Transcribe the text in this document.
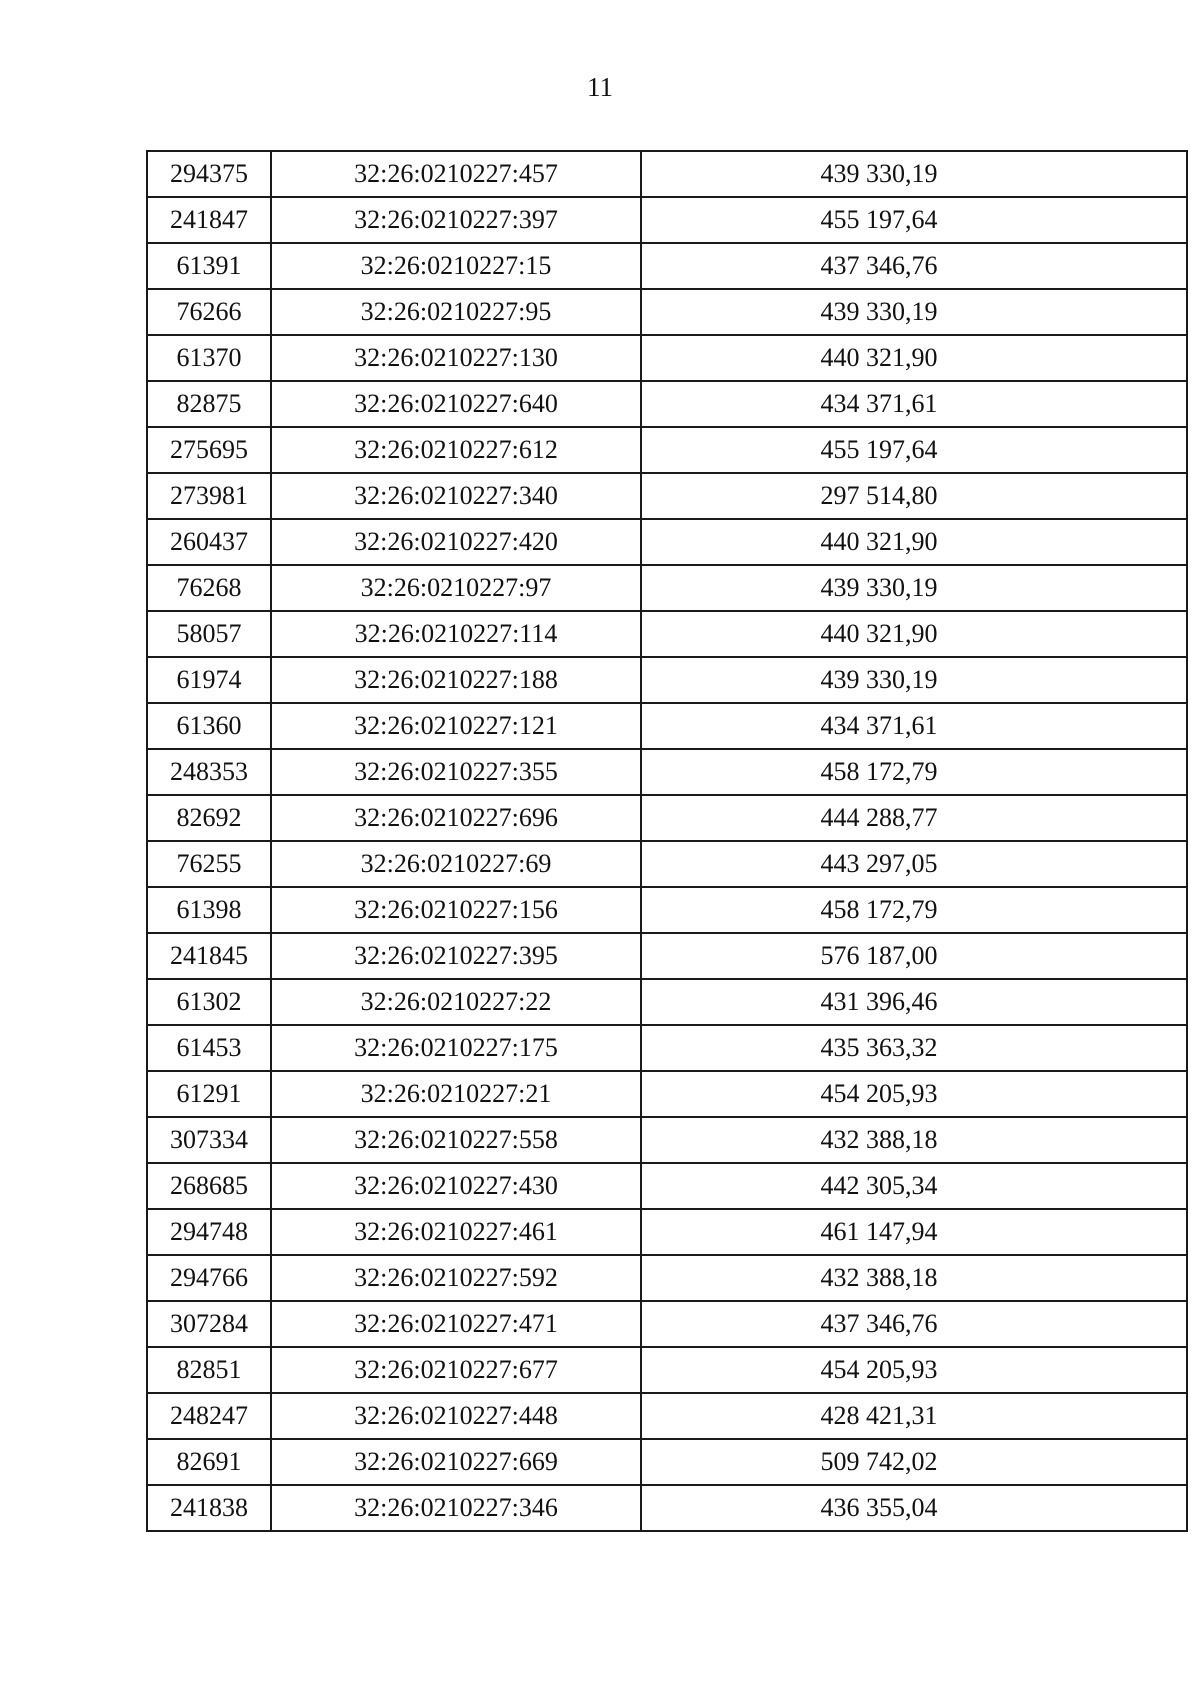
11
294375	32:26:0210227:457	439 330,19
241847	32:26:0210227:397	455 197,64
61391	32:26:0210227:15	437 346,76
76266	32:26:0210227:95	439 330,19
61370	32:26:0210227:130	440 321,90
82875	32:26:0210227:640	434 371,61
275695	32:26:0210227:612	455 197,64
273981	32:26:0210227:340	297 514,80
260437	32:26:0210227:420	440 321,90
76268	32:26:0210227:97	439 330,19
58057	32:26:0210227:114	440 321,90
61974	32:26:0210227:188	439 330,19
61360	32:26:0210227:121	434 371,61
248353	32:26:0210227:355	458 172,79
82692	32:26:0210227:696	444 288,77
76255	32:26:0210227:69	443 297,05
61398	32:26:0210227:156	458 172,79
241845	32:26:0210227:395	576 187,00
61302	32:26:0210227:22	431 396,46
61453	32:26:0210227:175	435 363,32
61291	32:26:0210227:21	454 205,93
307334	32:26:0210227:558	432 388,18
268685	32:26:0210227:430	442 305,34
294748	32:26:0210227:461	461 147,94
294766	32:26:0210227:592	432 388,18
307284	32:26:0210227:471	437 346,76
82851	32:26:0210227:677	454 205,93
248247	32:26:0210227:448	428 421,31
82691	32:26:0210227:669	509 742,02
241838	32:26:0210227:346	436 355,04
